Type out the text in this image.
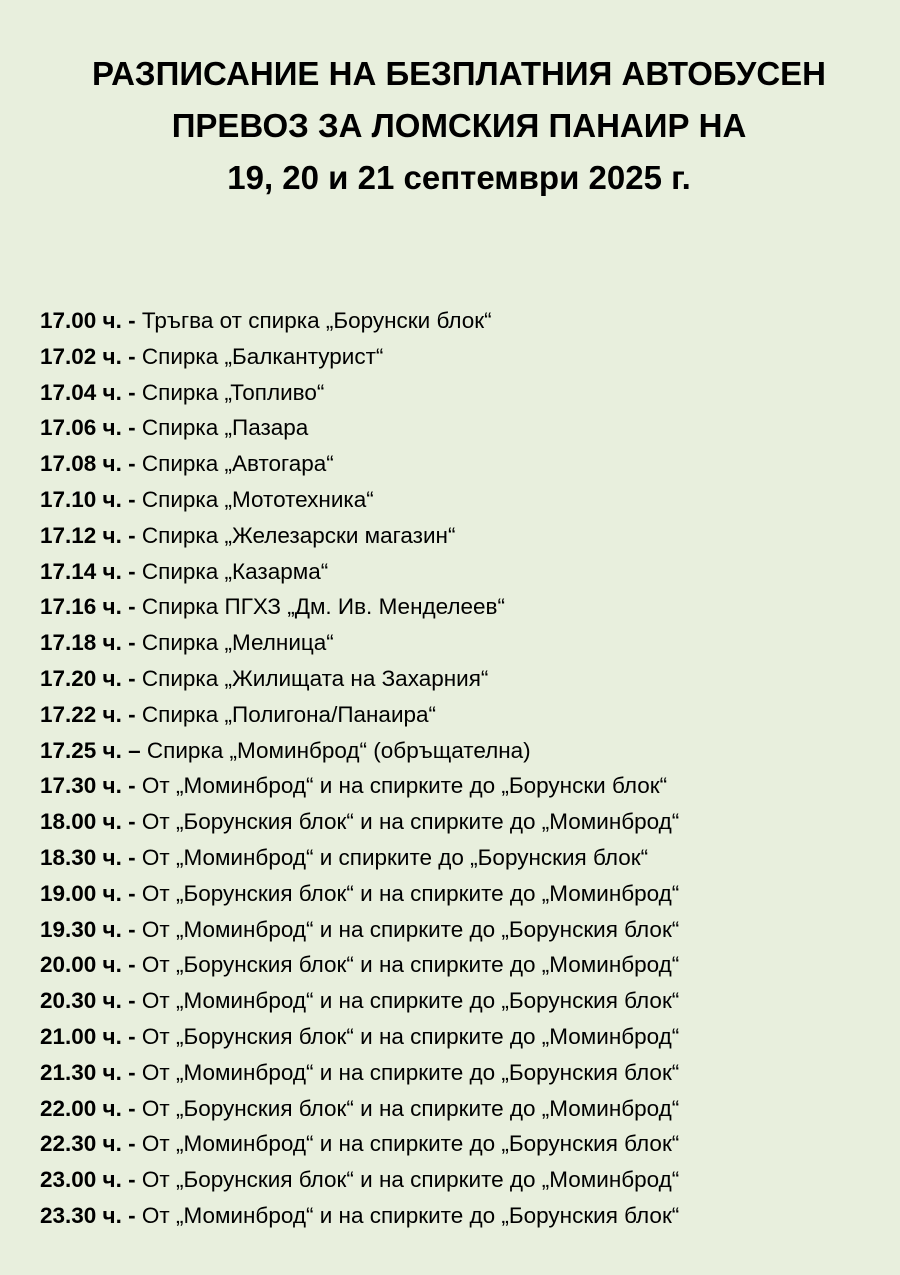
РАЗПИСАНИЕ НА БЕЗПЛАТНИЯ АВТОБУСЕН
ПРЕВОЗ ЗА ЛОМСКИЯ ПАНАИР НА
19, 20 и 21 септември 2025 г.
17.00 ч. - Тръгва от спирка „Борунски блок“
17.02 ч. - Спирка „Балкантурист“
17.04 ч. - Спирка „Топливо“
17.06 ч. - Спирка „Пазара
17.08 ч. - Спирка „Автогара“
17.10 ч. - Спирка „Мототехника“
17.12 ч. - Спирка „Железарски магазин“
17.14 ч. - Спирка „Казарма“
17.16 ч. - Спирка ПГХЗ „Дм. Ив. Менделеев“
17.18 ч. - Спирка „Мелница“
17.20 ч. - Спирка „Жилищата на Захарния“
17.22 ч. - Спирка „Полигона/Панаира“
17.25 ч. – Спирка „Моминброд“ (обръщателна)
17.30 ч. - От „Моминброд“ и на спирките до „Борунски блок“
18.00 ч. - От „Борунския блок“ и на спирките до „Моминброд“
18.30 ч. - От „Моминброд“ и спирките до „Борунския блок“
19.00 ч. - От „Борунския блок“ и на спирките до „Моминброд“
19.30 ч. - От „Моминброд“ и на спирките до „Борунския блок“
20.00 ч. - От „Борунския блок“ и на спирките до „Моминброд“
20.30 ч. - От „Моминброд“ и на спирките до „Борунския блок“
21.00 ч. - От „Борунския блок“ и на спирките до „Моминброд“
21.30 ч. - От „Моминброд“ и на спирките до „Борунския блок“
22.00 ч. - От „Борунския блок“ и на спирките до „Моминброд“
22.30 ч. - От „Моминброд“ и на спирките до „Борунския блок“
23.00 ч. - От „Борунския блок“ и на спирките до „Моминброд“
23.30 ч. - От „Моминброд“ и на спирките до „Борунския блок“
